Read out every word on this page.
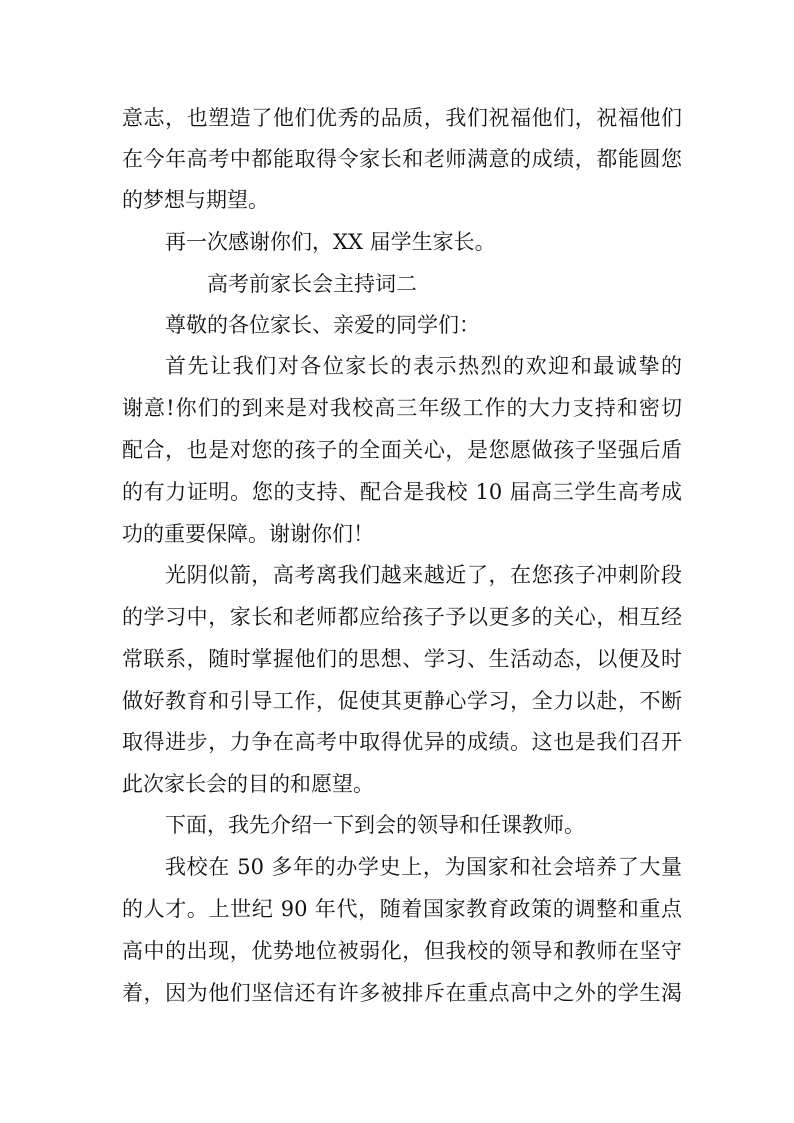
意志，也塑造了他们优秀的品质，我们祝福他们，祝福他们
在今年高考中都能取得令家长和老师满意的成绩，都能圆您
的梦想与期望。
再一次感谢你们，XX 届学生家长。
高考前家长会主持词二
尊敬的各位家长、亲爱的同学们：
首先让我们对各位家长的表示热烈的欢迎和最诚挚的
谢意!你们的到来是对我校高三年级工作的大力支持和密切
配合，也是对您的孩子的全面关心，是您愿做孩子坚强后盾
的有力证明。您的支持、配合是我校 10 届高三学生高考成
功的重要保障。谢谢你们！
光阴似箭，高考离我们越来越近了，在您孩子冲刺阶段
的学习中，家长和老师都应给孩子予以更多的关心，相互经
常联系，随时掌握他们的思想、学习、生活动态，以便及时
做好教育和引导工作，促使其更静心学习，全力以赴，不断
取得进步，力争在高考中取得优异的成绩。这也是我们召开
此次家长会的目的和愿望。
下面，我先介绍一下到会的领导和任课教师。
我校在 50 多年的办学史上，为国家和社会培养了大量
的人才。上世纪 90 年代，随着国家教育政策的调整和重点
高中的出现，优势地位被弱化，但我校的领导和教师在坚守
着，因为他们坚信还有许多被排斥在重点高中之外的学生渴
